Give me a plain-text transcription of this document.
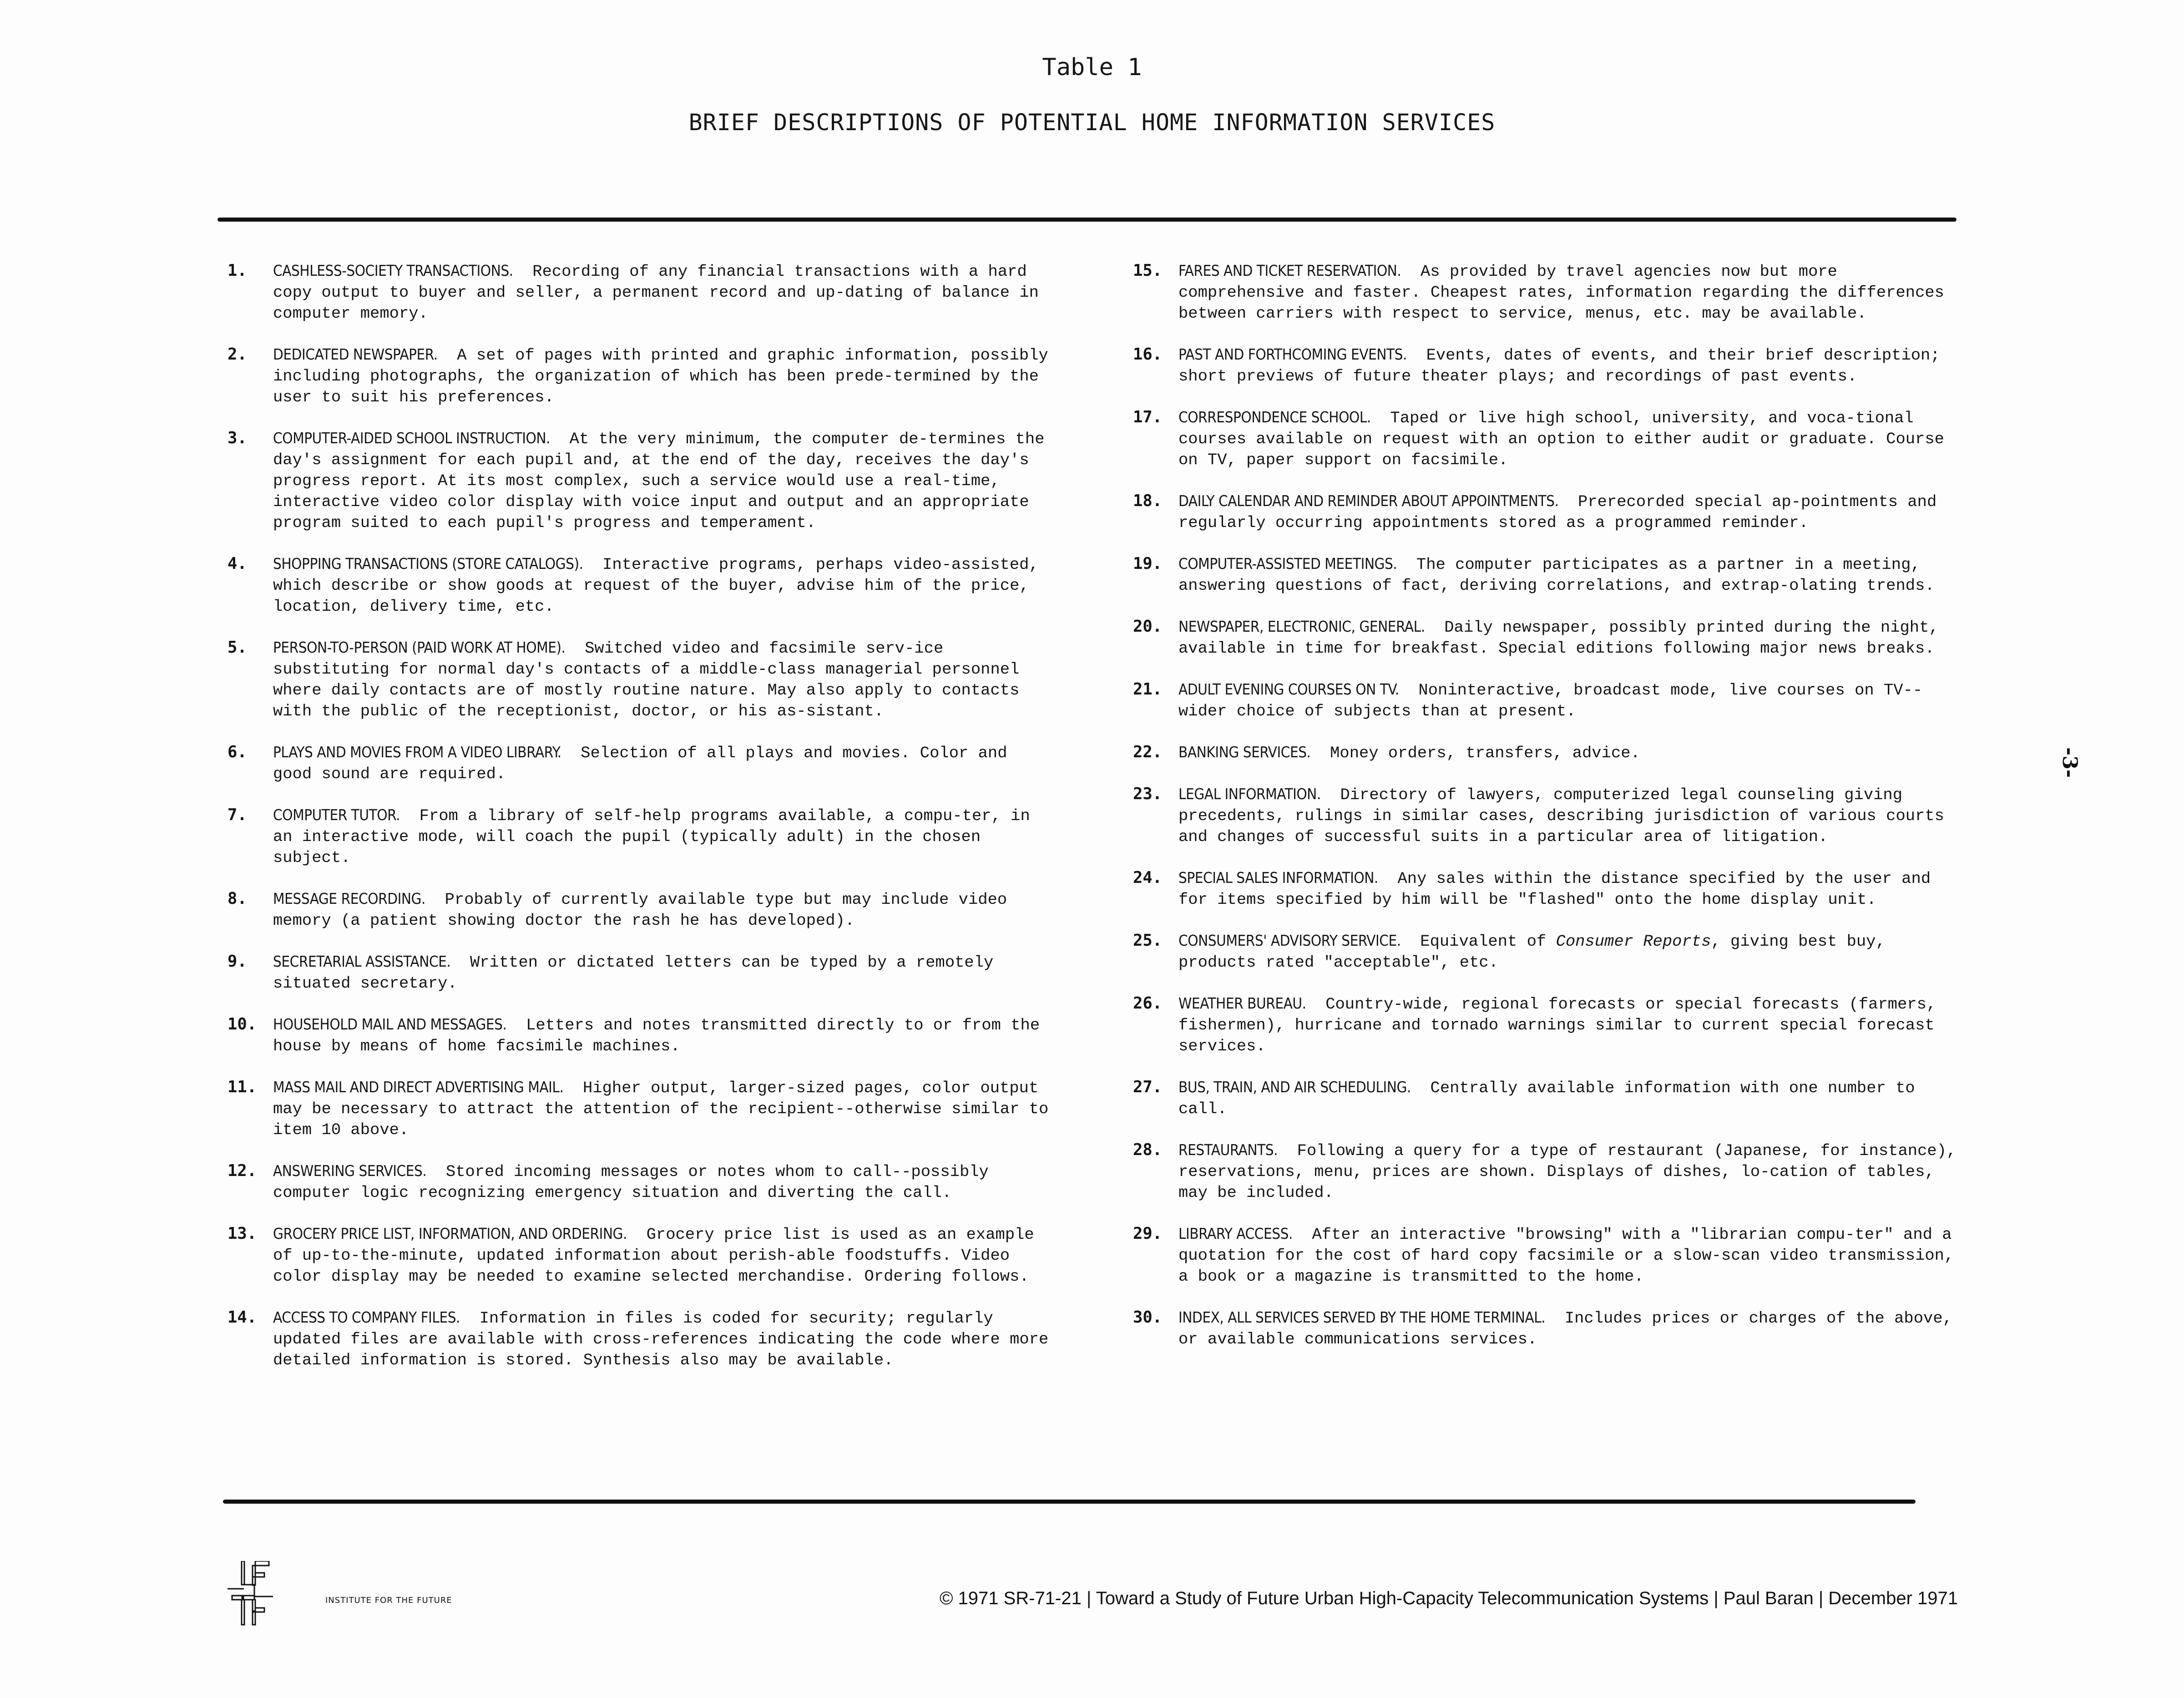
Table 1
BRIEF DESCRIPTIONS OF POTENTIAL HOME INFORMATION SERVICES
1.	CASHLESS-SOCIETY TRANSACTIONS. Recording of any financial transactions with a hard copy output to buyer and seller, a permanent record and up-dating of balance in computer memory.
2.	DEDICATED NEWSPAPER. A set of pages with printed and graphic information, possibly including photographs, the organization of which has been prede-termined by the user to suit his preferences.
3.	COMPUTER-AIDED SCHOOL INSTRUCTION. At the very minimum, the computer de-termines the day's assignment for each pupil and, at the end of the day, receives the day's progress report. At its most complex, such a service would use a real-time, interactive video color display with voice input and output and an appropriate program suited to each pupil's progress and temperament.
4.	SHOPPING TRANSACTIONS (STORE CATALOGS). Interactive programs, perhaps video-assisted, which describe or show goods at request of the buyer, advise him of the price, location, delivery time, etc.
5.	PERSON-TO-PERSON (PAID WORK AT HOME). Switched video and facsimile serv-ice substituting for normal day's contacts of a middle-class managerial personnel where daily contacts are of mostly routine nature. May also apply to contacts with the public of the receptionist, doctor, or his as-sistant.
6.	PLAYS AND MOVIES FROM A VIDEO LIBRARY. Selection of all plays and movies. Color and good sound are required.
7.	COMPUTER TUTOR. From a library of self-help programs available, a compu-ter, in an interactive mode, will coach the pupil (typically adult) in the chosen subject.
8.	MESSAGE RECORDING. Probably of currently available type but may include video memory (a patient showing doctor the rash he has developed).
9.	SECRETARIAL ASSISTANCE. Written or dictated letters can be typed by a remotely situated secretary.
10.	HOUSEHOLD MAIL AND MESSAGES. Letters and notes transmitted directly to or from the house by means of home facsimile machines.
11.	MASS MAIL AND DIRECT ADVERTISING MAIL. Higher output, larger-sized pages, color output may be necessary to attract the attention of the recipient--otherwise similar to item 10 above.
12.	ANSWERING SERVICES. Stored incoming messages or notes whom to call--possibly computer logic recognizing emergency situation and diverting the call.
13.	GROCERY PRICE LIST, INFORMATION, AND ORDERING. Grocery price list is used as an example of up-to-the-minute, updated information about perish-able foodstuffs. Video color display may be needed to examine selected merchandise. Ordering follows.
14.	ACCESS TO COMPANY FILES. Information in files is coded for security; regularly updated files are available with cross-references indicating the code where more detailed information is stored. Synthesis also may be available.
15.	FARES AND TICKET RESERVATION. As provided by travel agencies now but more comprehensive and faster. Cheapest rates, information regarding the differences between carriers with respect to service, menus, etc. may be available.
16.	PAST AND FORTHCOMING EVENTS. Events, dates of events, and their brief description; short previews of future theater plays; and recordings of past events.
17.	CORRESPONDENCE SCHOOL. Taped or live high school, university, and voca-tional courses available on request with an option to either audit or graduate. Course on TV, paper support on facsimile.
18.	DAILY CALENDAR AND REMINDER ABOUT APPOINTMENTS. Prerecorded special ap-pointments and regularly occurring appointments stored as a programmed reminder.
19.	COMPUTER-ASSISTED MEETINGS. The computer participates as a partner in a meeting, answering questions of fact, deriving correlations, and extrap-olating trends.
20.	NEWSPAPER, ELECTRONIC, GENERAL. Daily newspaper, possibly printed during the night, available in time for breakfast. Special editions following major news breaks.
21.	ADULT EVENING COURSES ON TV. Noninteractive, broadcast mode, live courses on TV--wider choice of subjects than at present.
22.	BANKING SERVICES. Money orders, transfers, advice.
23.	LEGAL INFORMATION. Directory of lawyers, computerized legal counseling giving precedents, rulings in similar cases, describing jurisdiction of various courts and changes of successful suits in a particular area of litigation.
24.	SPECIAL SALES INFORMATION. Any sales within the distance specified by the user and for items specified by him will be "flashed" onto the home display unit.
25.	CONSUMERS' ADVISORY SERVICE. Equivalent of Consumer Reports, giving best buy, products rated "acceptable", etc.
26.	WEATHER BUREAU. Country-wide, regional forecasts or special forecasts (farmers, fishermen), hurricane and tornado warnings similar to current special forecast services.
27.	BUS, TRAIN, AND AIR SCHEDULING. Centrally available information with one number to call.
28.	RESTAURANTS. Following a query for a type of restaurant (Japanese, for instance), reservations, menu, prices are shown. Displays of dishes, lo-cation of tables, may be included.
29.	LIBRARY ACCESS. After an interactive "browsing" with a "librarian compu-ter" and a quotation for the cost of hard copy facsimile or a slow-scan video transmission, a book or a magazine is transmitted to the home.
30.	INDEX, ALL SERVICES SERVED BY THE HOME TERMINAL. Includes prices or charges of the above, or available communications services.
-3-
INSTITUTE FOR THE FUTURE	© 1971 SR-71-21 | Toward a Study of Future Urban High-Capacity Telecommunication Systems | Paul Baran | December 1971
